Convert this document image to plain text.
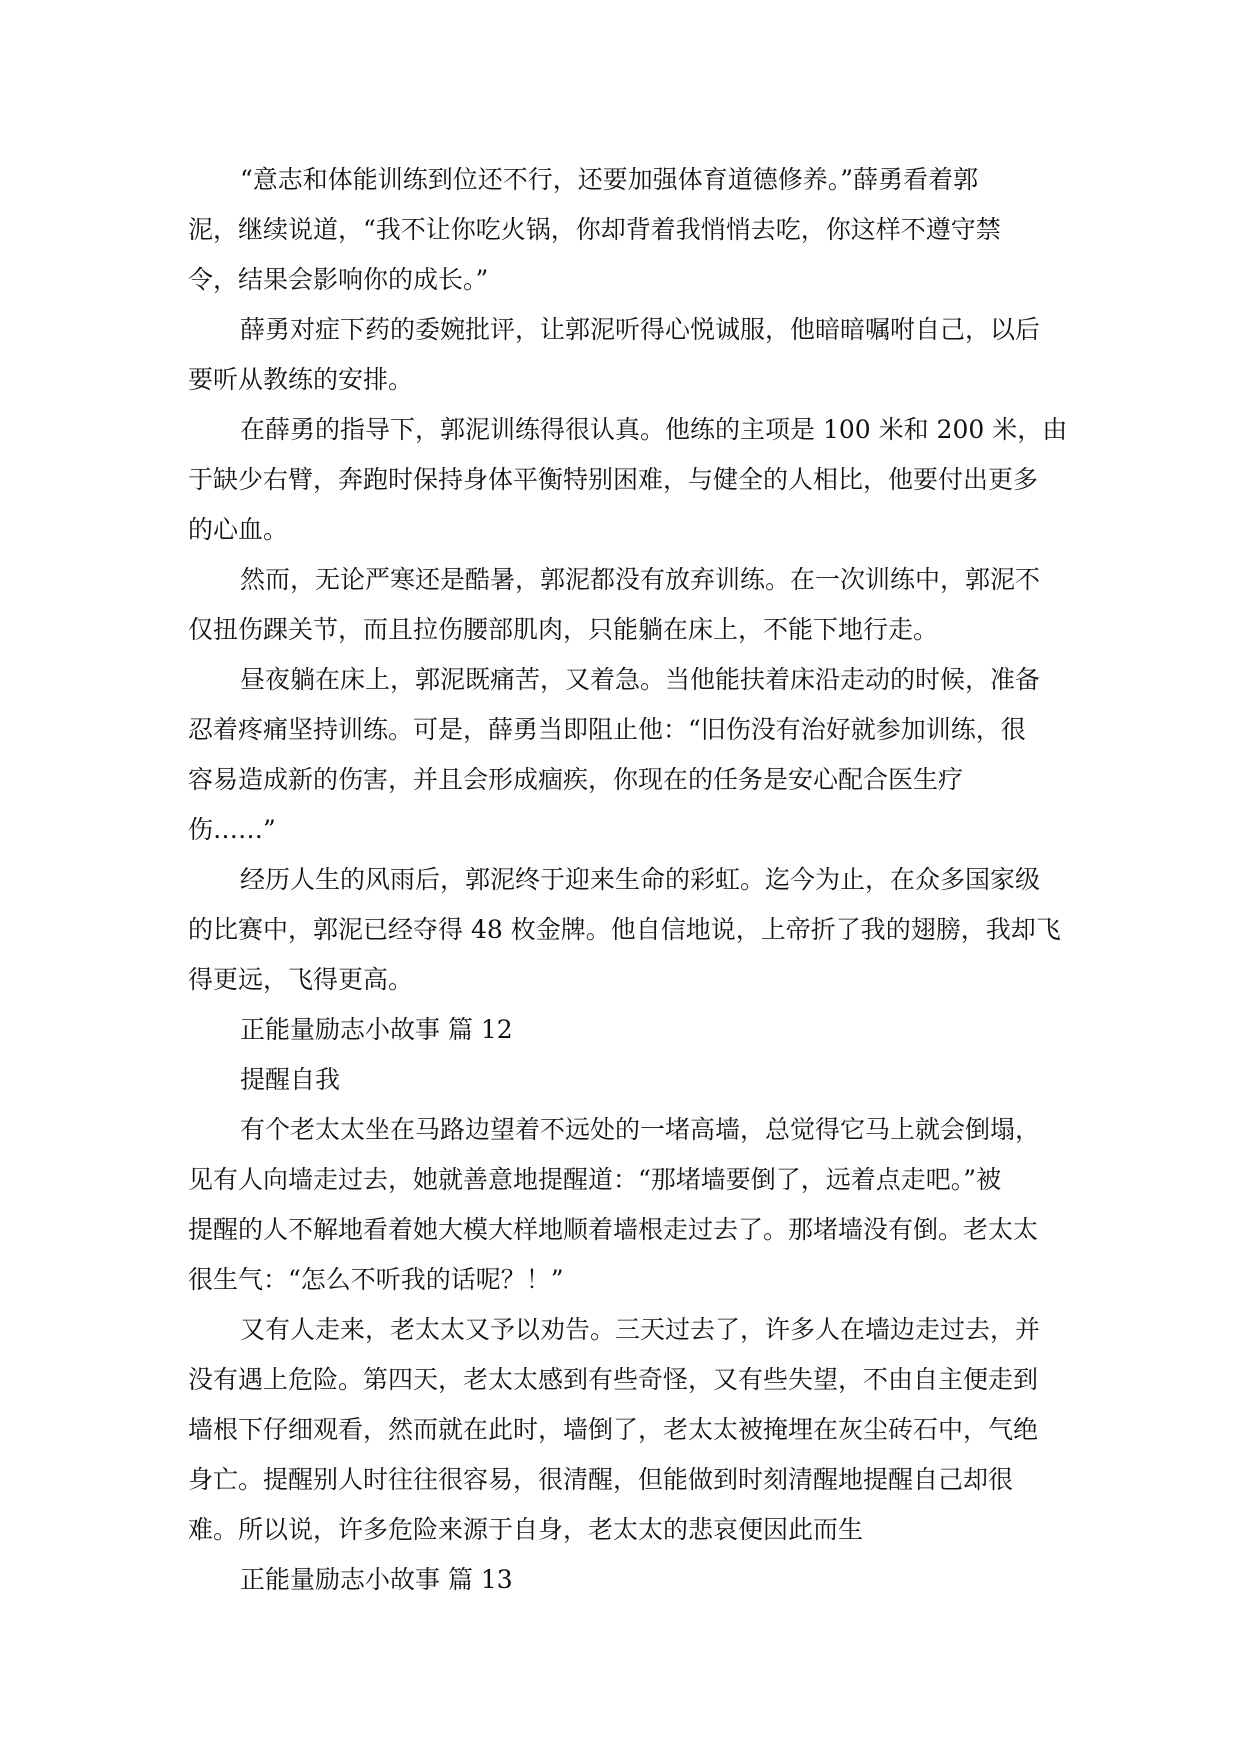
“意志和体能训练到位还不行，还要加强体育道德修养。”薛勇看着郭
泥，继续说道，“我不让你吃火锅，你却背着我悄悄去吃，你这样不遵守禁
令，结果会影响你的成长。”
薛勇对症下药的委婉批评，让郭泥听得心悦诚服，他暗暗嘱咐自己，以后
要听从教练的安排。
在薛勇的指导下，郭泥训练得很认真。他练的主项是 100 米和 200 米，由
于缺少右臂，奔跑时保持身体平衡特别困难，与健全的人相比，他要付出更多
的心血。
然而，无论严寒还是酷暑，郭泥都没有放弃训练。在一次训练中，郭泥不
仅扭伤踝关节，而且拉伤腰部肌肉，只能躺在床上，不能下地行走。
昼夜躺在床上，郭泥既痛苦，又着急。当他能扶着床沿走动的时候，准备
忍着疼痛坚持训练。可是，薛勇当即阻止他：“旧伤没有治好就参加训练，很
容易造成新的伤害，并且会形成痼疾，你现在的任务是安心配合医生疗
伤……”
经历人生的风雨后，郭泥终于迎来生命的彩虹。迄今为止，在众多国家级
的比赛中，郭泥已经夺得 48 枚金牌。他自信地说，上帝折了我的翅膀，我却飞
得更远，飞得更高。
正能量励志小故事 篇 12
提醒自我
有个老太太坐在马路边望着不远处的一堵高墙，总觉得它马上就会倒塌，
见有人向墙走过去，她就善意地提醒道：“那堵墙要倒了，远着点走吧。”被
提醒的人不解地看着她大模大样地顺着墙根走过去了。那堵墙没有倒。老太太
很生气：“怎么不听我的话呢？！”
又有人走来，老太太又予以劝告。三天过去了，许多人在墙边走过去，并
没有遇上危险。第四天，老太太感到有些奇怪，又有些失望，不由自主便走到
墙根下仔细观看，然而就在此时，墙倒了，老太太被掩埋在灰尘砖石中，气绝
身亡。提醒别人时往往很容易，很清醒，但能做到时刻清醒地提醒自己却很
难。所以说，许多危险来源于自身，老太太的悲哀便因此而生
正能量励志小故事 篇 13
